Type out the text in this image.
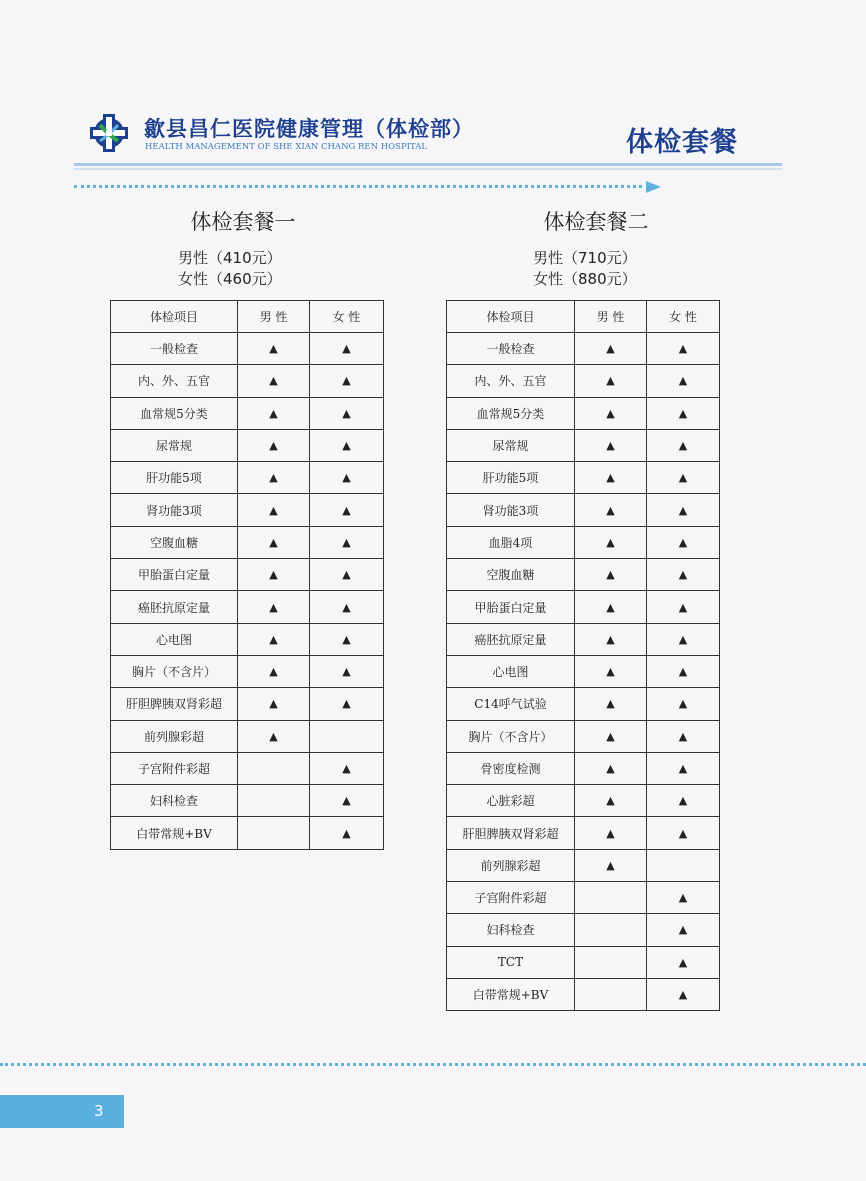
歙县昌仁医院健康管理（体检部）
HEALTH MANAGEMENT OF SHE XIAN CHANG REN HOSPITAL	体检套餐
体检套餐一
男性（410元）
女性（460元）
体检项目	男 性	女 性
一般检查	▲	▲
内、外、五官	▲	▲
血常规5分类	▲	▲
尿常规	▲	▲
肝功能5项	▲	▲
肾功能3项	▲	▲
空腹血糖	▲	▲
甲胎蛋白定量	▲	▲
癌胚抗原定量	▲	▲
心电图	▲	▲
胸片（不含片）	▲	▲
肝胆脾胰双肾彩超	▲	▲
前列腺彩超	▲	
子宫附件彩超		▲
妇科检查		▲
白带常规+BV		▲
体检套餐二
男性（710元）
女性（880元）
体检项目	男 性	女 性
一般检查	▲	▲
内、外、五官	▲	▲
血常规5分类	▲	▲
尿常规	▲	▲
肝功能5项	▲	▲
肾功能3项	▲	▲
血脂4项	▲	▲
空腹血糖	▲	▲
甲胎蛋白定量	▲	▲
癌胚抗原定量	▲	▲
心电图	▲	▲
C14呼气试验	▲	▲
胸片（不含片）	▲	▲
骨密度检测	▲	▲
心脏彩超	▲	▲
肝胆脾胰双肾彩超	▲	▲
前列腺彩超	▲	
子宫附件彩超		▲
妇科检查		▲
TCT		▲
白带常规+BV		▲
3
